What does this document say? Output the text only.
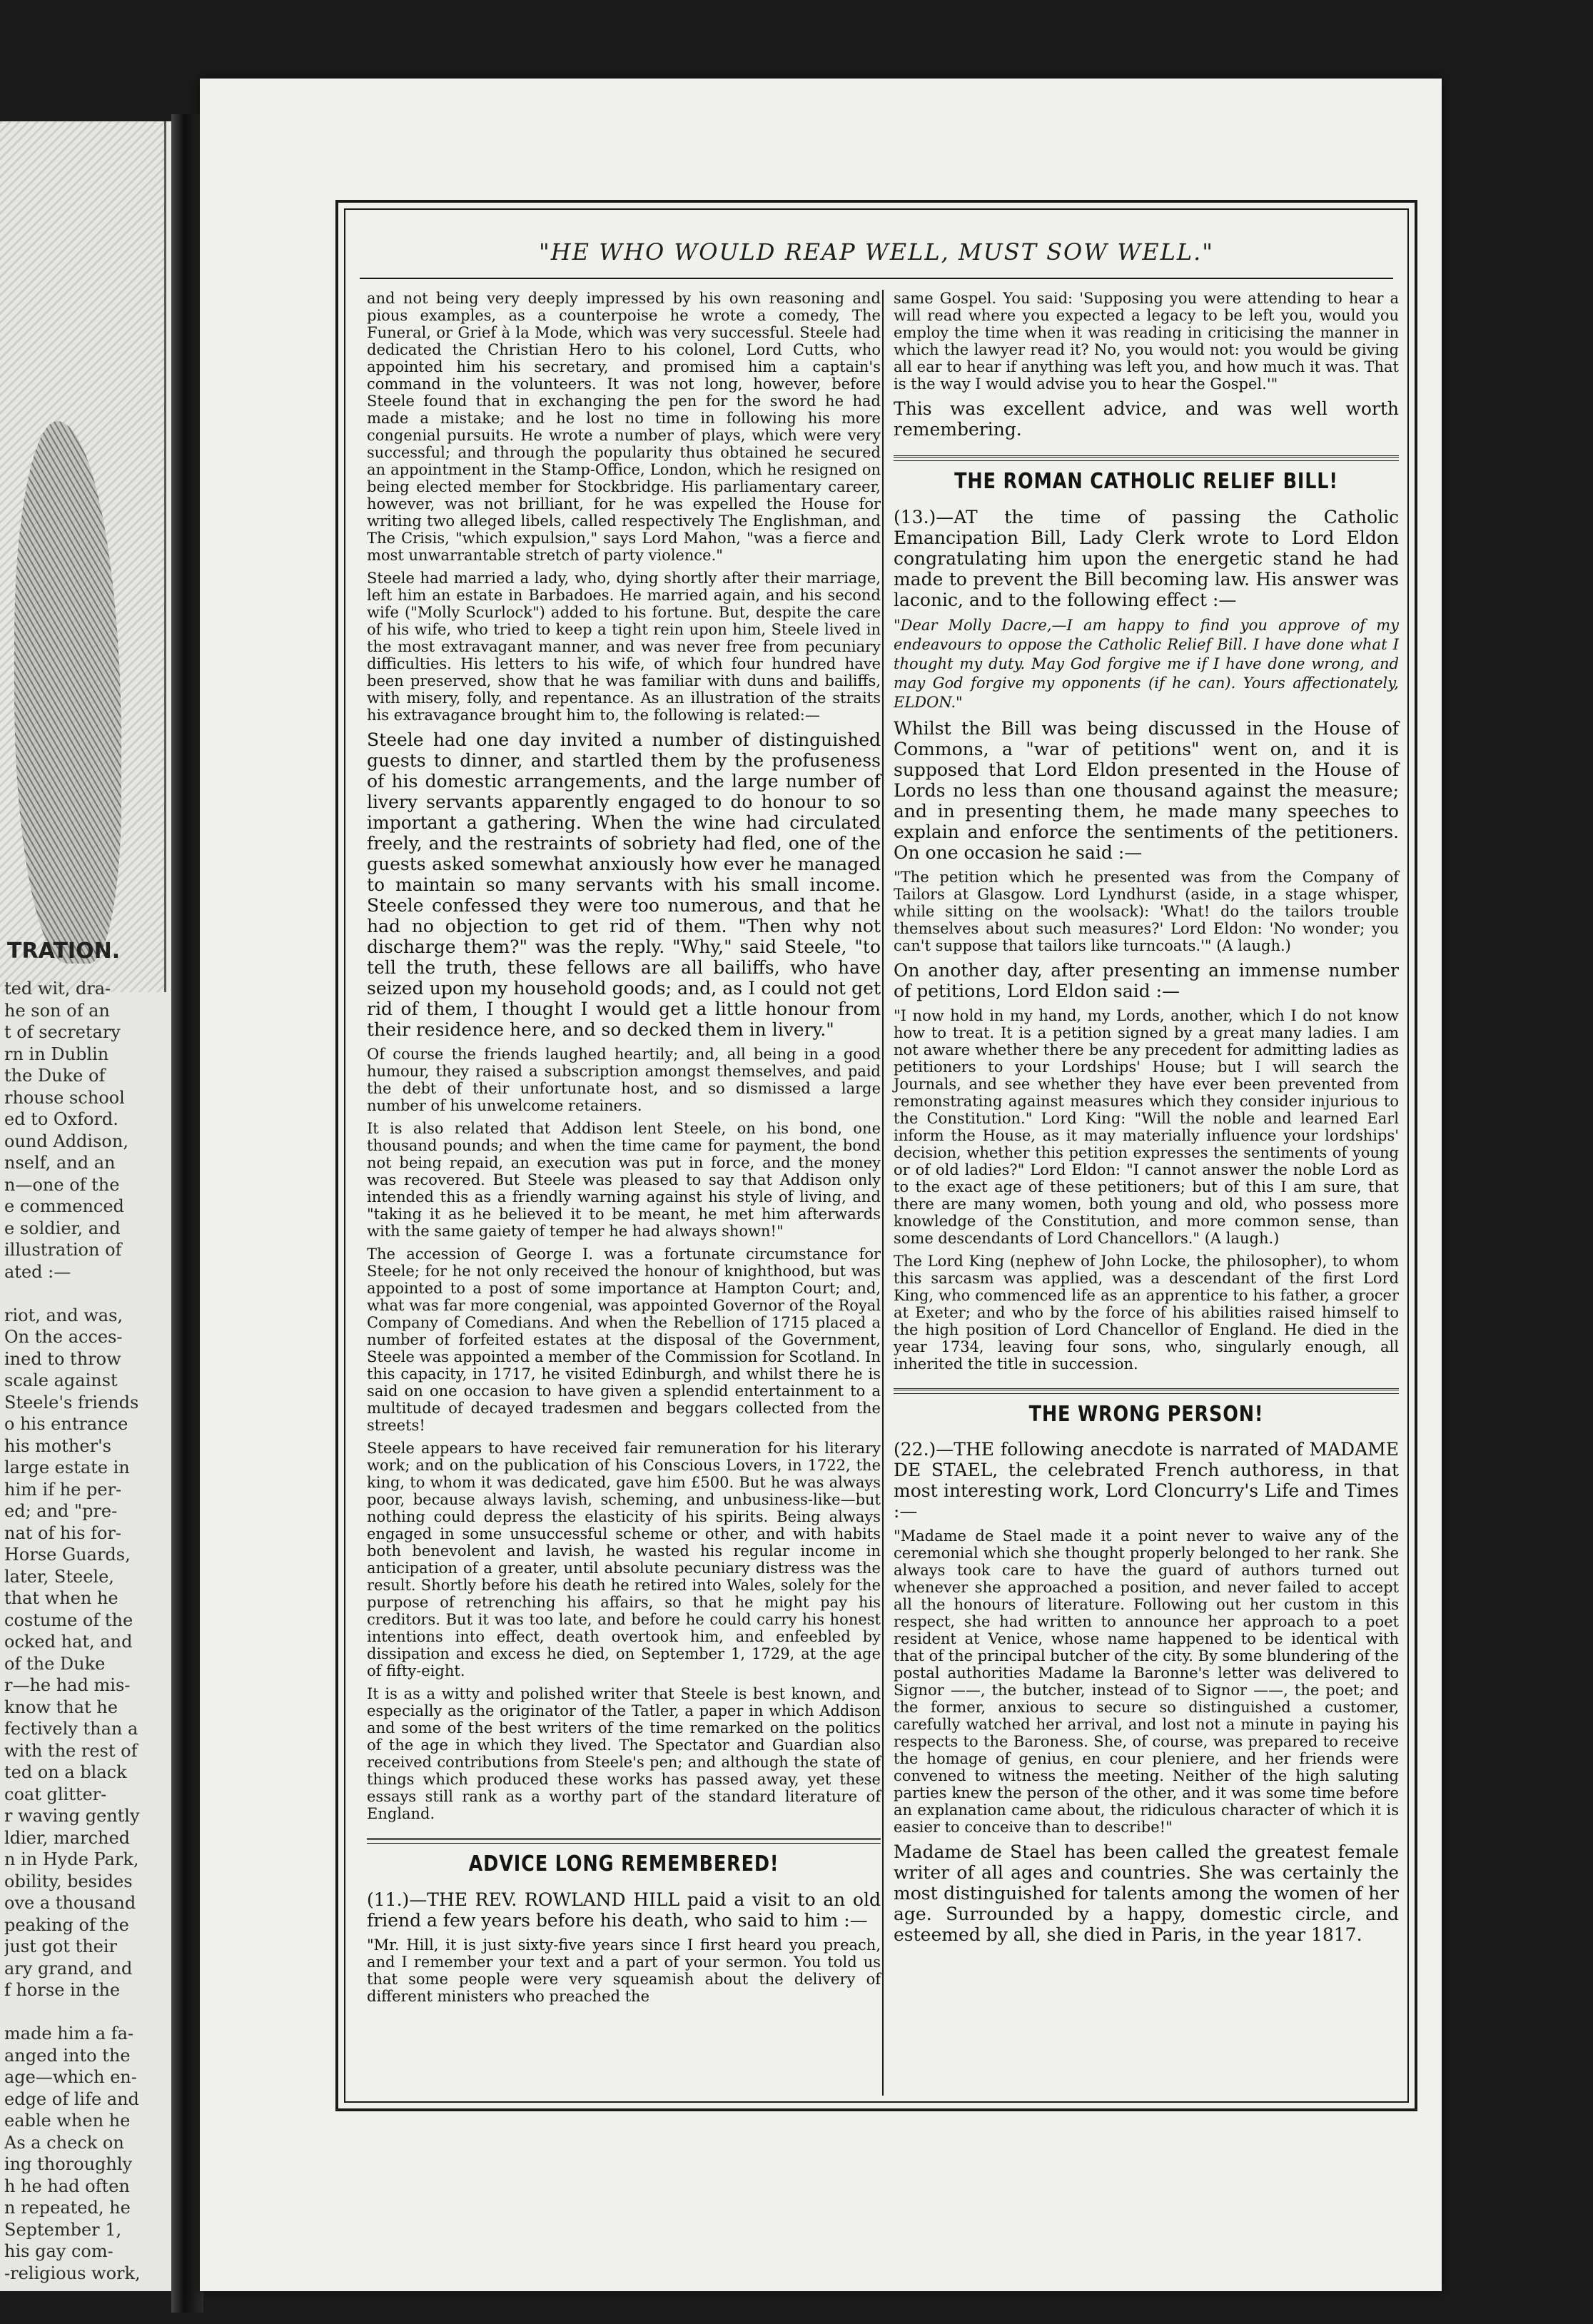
TRATION.
ted wit, dra-
he son of an
t of secretary
rn in Dublin
the Duke of
rhouse school
ed to Oxford.
ound Addison,
nself, and an
n—one of the
e commenced
e soldier, and
illustration of
ated :—

riot, and was,
On the acces-
ined to throw
scale against
Steele's friends
o his entrance
his mother's
large estate in
him if he per-
ed; and "pre-
nat of his for-
Horse Guards,
later, Steele,
that when he
costume of the
ocked hat, and
of the Duke
r—he had mis-
know that he
fectively than a
with the rest of
ted on a black
coat glitter-
r waving gently
ldier, marched
n in Hyde Park,
obility, besides
ove a thousand
peaking of the
just got their
ary grand, and
f horse in the

made him a fa-
anged into the
age—which en-
edge of life and
eable when he
As a check on
ing thoroughly
h he had often
n repeated, he
September 1,
his gay com-
-religious work,
"HE WHO WOULD REAP WELL, MUST SOW WELL."

and not being very deeply impressed by his own reasoning and pious examples, as a counterpoise he wrote a comedy, The Funeral, or Grief à la Mode, which was very successful. Steele had dedicated the Christian Hero to his colonel, Lord Cutts, who appointed him his secretary, and promised him a captain's command in the volunteers. It was not long, however, before Steele found that in exchanging the pen for the sword he had made a mistake; and he lost no time in following his more congenial pursuits. He wrote a number of plays, which were very successful; and through the popularity thus obtained he secured an appointment in the Stamp-Office, London, which he resigned on being elected member for Stockbridge. His parliamentary career, however, was not brilliant, for he was expelled the House for writing two alleged libels, called respectively The Englishman, and The Crisis, "which expulsion," says Lord Mahon, "was a fierce and most unwarrantable stretch of party violence."

Steele had married a lady, who, dying shortly after their marriage, left him an estate in Barbadoes. He married again, and his second wife ("Molly Scurlock") added to his fortune. But, despite the care of his wife, who tried to keep a tight rein upon him, Steele lived in the most extravagant manner, and was never free from pecuniary difficulties. His letters to his wife, of which four hundred have been preserved, show that he was familiar with duns and bailiffs, with misery, folly, and repentance. As an illustration of the straits his extravagance brought him to, the following is related:—

Steele had one day invited a number of distinguished guests to dinner, and startled them by the profuseness of his domestic arrangements, and the large number of livery servants apparently engaged to do honour to so important a gathering. When the wine had circulated freely, and the restraints of sobriety had fled, one of the guests asked somewhat anxiously how ever he managed to maintain so many servants with his small income. Steele confessed they were too numerous, and that he had no objection to get rid of them. "Then why not discharge them?" was the reply. "Why," said Steele, "to tell the truth, these fellows are all bailiffs, who have seized upon my household goods; and, as I could not get rid of them, I thought I would get a little honour from their residence here, and so decked them in livery."

Of course the friends laughed heartily; and, all being in a good humour, they raised a subscription amongst themselves, and paid the debt of their unfortunate host, and so dismissed a large number of his unwelcome retainers.

It is also related that Addison lent Steele, on his bond, one thousand pounds; and when the time came for payment, the bond not being repaid, an execution was put in force, and the money was recovered. But Steele was pleased to say that Addison only intended this as a friendly warning against his style of living, and "taking it as he believed it to be meant, he met him afterwards with the same gaiety of temper he had always shown!"

The accession of George I. was a fortunate circumstance for Steele; for he not only received the honour of knighthood, but was appointed to a post of some importance at Hampton Court; and, what was far more congenial, was appointed Governor of the Royal Company of Comedians. And when the Rebellion of 1715 placed a number of forfeited estates at the disposal of the Government, Steele was appointed a member of the Commission for Scotland. In this capacity, in 1717, he visited Edinburgh, and whilst there he is said on one occasion to have given a splendid entertainment to a multitude of decayed tradesmen and beggars collected from the streets!

Steele appears to have received fair remuneration for his literary work; and on the publication of his Conscious Lovers, in 1722, the king, to whom it was dedicated, gave him £500. But he was always poor, because always lavish, scheming, and unbusiness-like—but nothing could depress the elasticity of his spirits. Being always engaged in some unsuccessful scheme or other, and with habits both benevolent and lavish, he wasted his regular income in anticipation of a greater, until absolute pecuniary distress was the result. Shortly before his death he retired into Wales, solely for the purpose of retrenching his affairs, so that he might pay his creditors. But it was too late, and before he could carry his honest intentions into effect, death overtook him, and enfeebled by dissipation and excess he died, on September 1, 1729, at the age of fifty-eight.

It is as a witty and polished writer that Steele is best known, and especially as the originator of the Tatler, a paper in which Addison and some of the best writers of the time remarked on the politics of the age in which they lived. The Spectator and Guardian also received contributions from Steele's pen; and although the state of things which produced these works has passed away, yet these essays still rank as a worthy part of the standard literature of England.

ADVICE LONG REMEMBERED!

(11.)—THE REV. ROWLAND HILL paid a visit to an old friend a few years before his death, who said to him :—

"Mr. Hill, it is just sixty-five years since I first heard you preach, and I remember your text and a part of your sermon. You told us that some people were very squeamish about the delivery of different ministers who preached the

same Gospel. You said: 'Supposing you were attending to hear a will read where you expected a legacy to be left you, would you employ the time when it was reading in criticising the manner in which the lawyer read it? No, you would not: you would be giving all ear to hear if anything was left you, and how much it was. That is the way I would advise you to hear the Gospel.'"

This was excellent advice, and was well worth remembering.

THE ROMAN CATHOLIC RELIEF BILL!

(13.)—AT the time of passing the Catholic Emancipation Bill, Lady Clerk wrote to Lord Eldon congratulating him upon the energetic stand he had made to prevent the Bill becoming law. His answer was laconic, and to the following effect :—

"Dear Molly Dacre,—I am happy to find you approve of my endeavours to oppose the Catholic Relief Bill. I have done what I thought my duty. May God forgive me if I have done wrong, and may God forgive my opponents (if he can). Yours affectionately, ELDON."

Whilst the Bill was being discussed in the House of Commons, a "war of petitions" went on, and it is supposed that Lord Eldon presented in the House of Lords no less than one thousand against the measure; and in presenting them, he made many speeches to explain and enforce the sentiments of the petitioners. On one occasion he said :—

"The petition which he presented was from the Company of Tailors at Glasgow. Lord Lyndhurst (aside, in a stage whisper, while sitting on the woolsack): 'What! do the tailors trouble themselves about such measures?' Lord Eldon: 'No wonder; you can't suppose that tailors like turncoats.'" (A laugh.)

On another day, after presenting an immense number of petitions, Lord Eldon said :—

"I now hold in my hand, my Lords, another, which I do not know how to treat. It is a petition signed by a great many ladies. I am not aware whether there be any precedent for admitting ladies as petitioners to your Lordships' House; but I will search the Journals, and see whether they have ever been prevented from remonstrating against measures which they consider injurious to the Constitution." Lord King: "Will the noble and learned Earl inform the House, as it may materially influence your lordships' decision, whether this petition expresses the sentiments of young or of old ladies?" Lord Eldon: "I cannot answer the noble Lord as to the exact age of these petitioners; but of this I am sure, that there are many women, both young and old, who possess more knowledge of the Constitution, and more common sense, than some descendants of Lord Chancellors." (A laugh.)

The Lord King (nephew of John Locke, the philosopher), to whom this sarcasm was applied, was a descendant of the first Lord King, who commenced life as an apprentice to his father, a grocer at Exeter; and who by the force of his abilities raised himself to the high position of Lord Chancellor of England. He died in the year 1734, leaving four sons, who, singularly enough, all inherited the title in succession.

THE WRONG PERSON!

(22.)—THE following anecdote is narrated of MADAME DE STAEL, the celebrated French authoress, in that most interesting work, Lord Cloncurry's Life and Times :—

"Madame de Stael made it a point never to waive any of the ceremonial which she thought properly belonged to her rank. She always took care to have the guard of authors turned out whenever she approached a position, and never failed to accept all the honours of literature. Following out her custom in this respect, she had written to announce her approach to a poet resident at Venice, whose name happened to be identical with that of the principal butcher of the city. By some blundering of the postal authorities Madame la Baronne's letter was delivered to Signor ——, the butcher, instead of to Signor ——, the poet; and the former, anxious to secure so distinguished a customer, carefully watched her arrival, and lost not a minute in paying his respects to the Baroness. She, of course, was prepared to receive the homage of genius, en cour pleniere, and her friends were convened to witness the meeting. Neither of the high saluting parties knew the person of the other, and it was some time before an explanation came about, the ridiculous character of which it is easier to conceive than to describe!"

Madame de Stael has been called the greatest female writer of all ages and countries. She was certainly the most distinguished for talents among the women of her age. Surrounded by a happy, domestic circle, and esteemed by all, she died in Paris, in the year 1817.
